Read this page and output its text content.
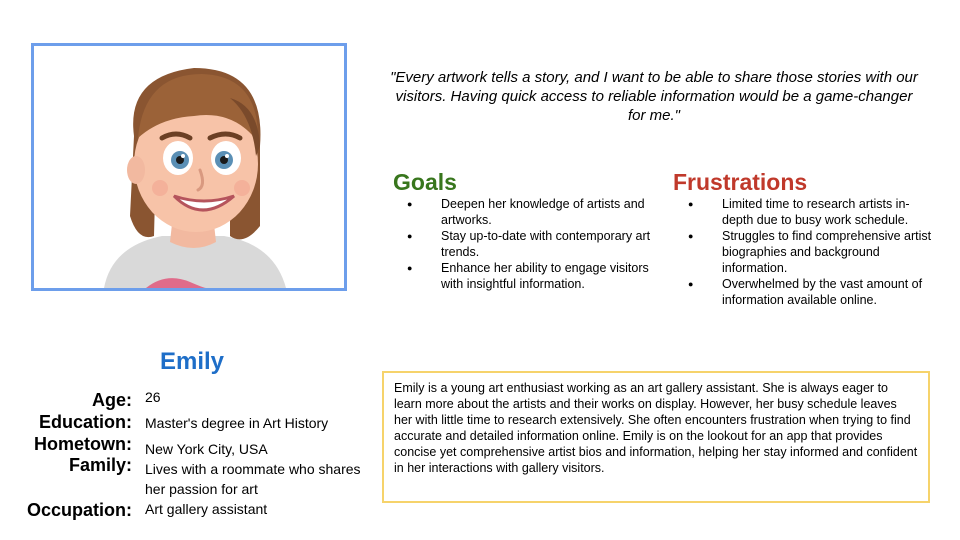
"Every artwork tells a story, and I want to be able to share those stories with our visitors. Having quick access to reliable information would be a game-changer for me."
Goals
● Deepen her knowledge of artists and artworks.
● Stay up-to-date with contemporary art trends.
● Enhance her ability to engage visitors with insightful information.
Frustrations
● Limited time to research artists in-depth due to busy work schedule.
● Struggles to find comprehensive artist biographies and background information.
● Overwhelmed by the vast amount of information available online.
Emily
Age: 26
Education: Master's degree in Art History
Hometown: New York City, USA
Family: Lives with a roommate who shares her passion for art
Occupation: Art gallery assistant
Emily is a young art enthusiast working as an art gallery assistant. She is always eager to learn more about the artists and their works on display. However, her busy schedule leaves her with little time to research extensively. She often encounters frustration when trying to find accurate and detailed information online. Emily is on the lookout for an app that provides concise yet comprehensive artist bios and information, helping her stay informed and confident in her interactions with gallery visitors.
